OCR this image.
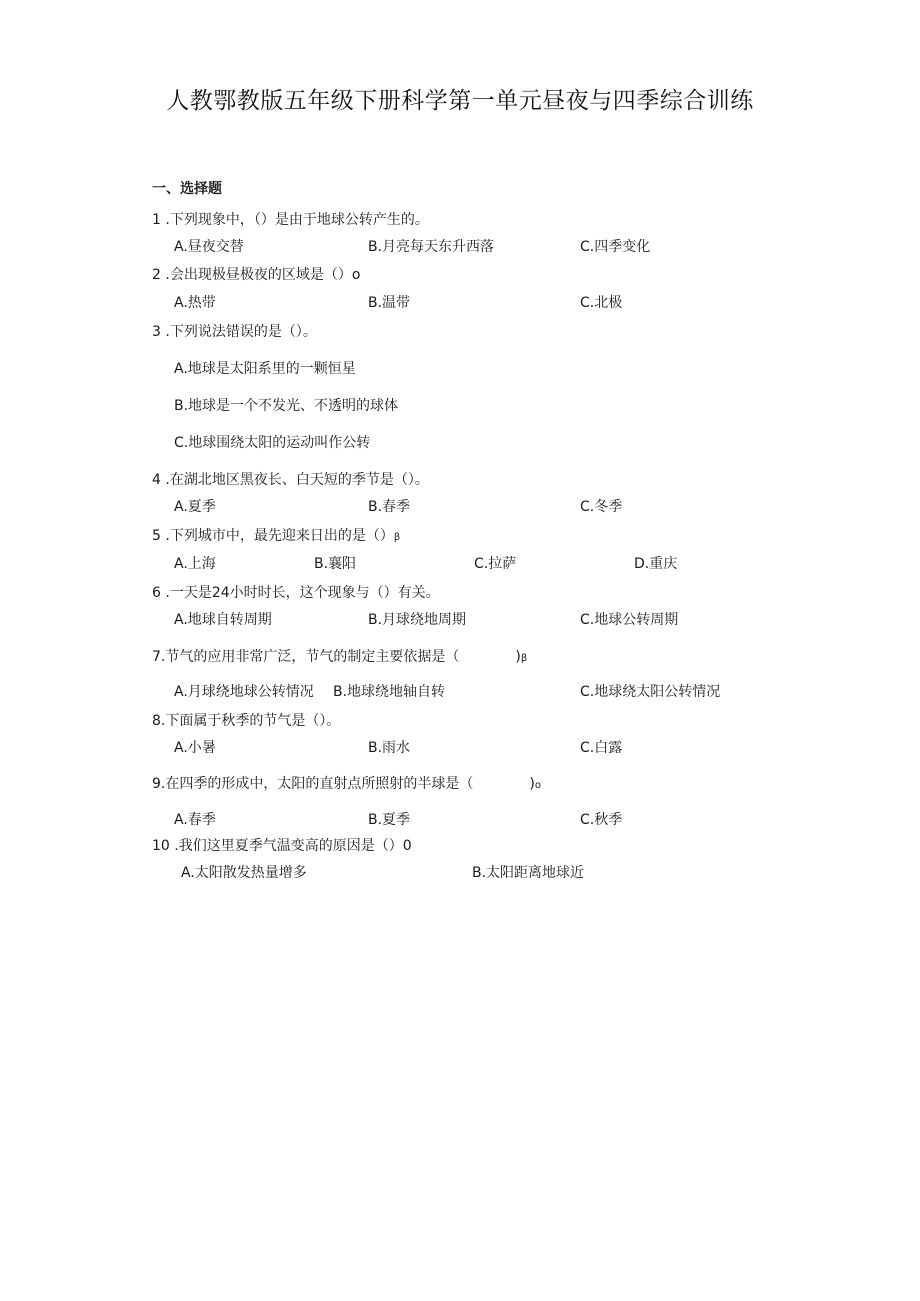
人教鄂教版五年级下册科学第一单元昼夜与四季综合训练
一、选择题
1 .下列现象中，（）是由于地球公转产生的。
A.昼夜交替	B.月亮每天东升西落	C.四季变化
2 .会出现极昼极夜的区域是（）o
A.热带	B.温带	C.北极
3 .下列说法错误的是（）。
A.地球是太阳系里的一颗恒星
B.地球是一个不发光、不透明的球体
C.地球围绕太阳的运动叫作公转
4 .在湖北地区黑夜长、白天短的季节是（）。
A.夏季	B.春季	C.冬季
5 .下列城市中，最先迎来日出的是（）β
A.上海	B.襄阳	C.拉萨	D.重庆
6 .一天是24小时时长，这个现象与（）有关。
A.地球自转周期	B.月球绕地周期	C.地球公转周期
7.节气的应用非常广泛，节气的制定主要依据是（	)β
A.月球绕地球公转情况 B.地球绕地轴自转	C.地球绕太阳公转情况
8.下面属于秋季的节气是（）。
A.小暑	B.雨水	C.白露
9.在四季的形成中，太阳的直射点所照射的半球是（	)o
A.春季	B.夏季	C.秋季
10 .我们这里夏季气温变高的原因是（）0
A.太阳散发热量增多	B.太阳距离地球近
